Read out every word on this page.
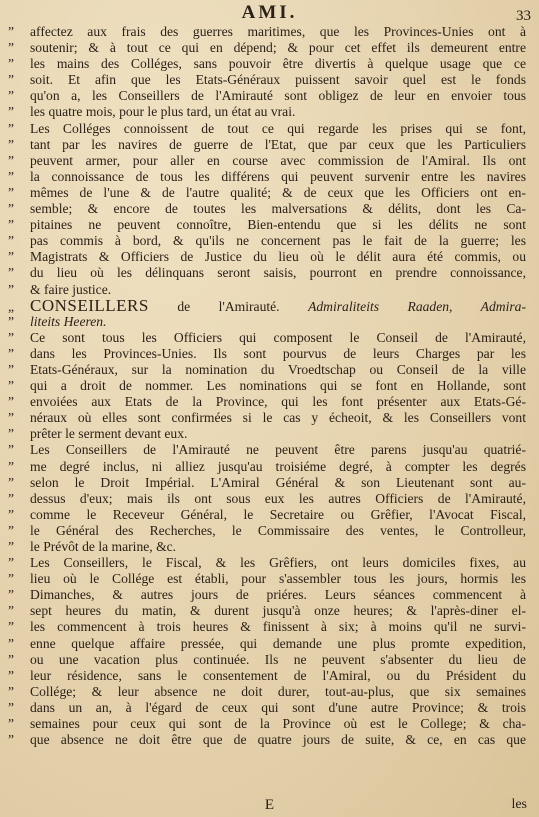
AMI.	33
” affectez aux frais des guerres maritimes, que les Provinces-Unies ont à
” soutenir; & à tout ce qui en dépend; & pour cet effet ils demeurent entre
” les mains des Colléges, sans pouvoir être divertis à quelque usage que ce
” soit. Et afin que les Etats-Généraux puissent savoir quel est le fonds
” qu'on a, les Conseillers de l'Amirauté sont obligez de leur en envoier tous
” les quatre mois, pour le plus tard, un état au vrai.
” Les Colléges connoissent de tout ce qui regarde les prises qui se font,
” tant par les navires de guerre de l'Etat, que par ceux que les Particuliers
” peuvent armer, pour aller en course avec commission de l'Amiral. Ils ont
” la connoissance de tous les différens qui peuvent survenir entre les navires
” mêmes de l'une & de l'autre qualité; & de ceux que les Officiers ont en-
” semble; & encore de toutes les malversations & délits, dont les Ca-
” pitaines ne peuvent connoître, Bien-entendu que si les délits ne sont
” pas commis à bord, & qu'ils ne concernent pas le fait de la guerre; les
” Magistrats & Officiers de Justice du lieu où le délit aura été commis, ou
” du lieu où les délinquans seront saisis, pourront en prendre connoissance,
” & faire justice.
„ CONSEILLERS de l'Amirauté. Admiraliteits Raaden, Admira-
” liteits Heeren.
” Ce sont tous les Officiers qui composent le Conseil de l'Amirauté,
” dans les Provinces-Unies. Ils sont pourvus de leurs Charges par les
” Etats-Généraux, sur la nomination du Vroedtschap ou Conseil de la ville
” qui a droit de nommer. Les nominations qui se font en Hollande, sont
” envoiées aux Etats de la Province, qui les font présenter aux Etats-Gé-
” néraux où elles sont confirmées si le cas y écheoit, & les Conseillers vont
” prêter le serment devant eux.
” Les Conseillers de l'Amirauté ne peuvent être parens jusqu'au quatrié-
” me degré inclus, ni alliez jusqu'au troisiéme degré, à compter les degrés
” selon le Droit Impérial. L'Amiral Général & son Lieutenant sont au-
” dessus d'eux; mais ils ont sous eux les autres Officiers de l'Amirauté,
” comme le Receveur Général, le Secretaire ou Grêfier, l'Avocat Fiscal,
” le Général des Recherches, le Commissaire des ventes, le Controlleur,
” le Prévôt de la marine, &c.
” Les Conseillers, le Fiscal, & les Grêfiers, ont leurs domiciles fixes, au
” lieu où le Collége est établi, pour s'assembler tous les jours, hormis les
” Dimanches, & autres jours de priéres. Leurs séances commencent à
” sept heures du matin, & durent jusqu'à onze heures; & l'après-diner el-
” les commencent à trois heures & finissent à six; à moins qu'il ne survi-
” enne quelque affaire pressée, qui demande une plus promte expedition,
” ou une vacation plus continuée. Ils ne peuvent s'absenter du lieu de
” leur résidence, sans le consentement de l'Amiral, ou du Président du
” Collége; & leur absence ne doit durer, tout-au-plus, que six semaines
” dans un an, à l'égard de ceux qui sont d'une autre Province; & trois
” semaines pour ceux qui sont de la Province où est le College; & cha-
” que absence ne doit être que de quatre jours de suite, & ce, en cas que
E	les
